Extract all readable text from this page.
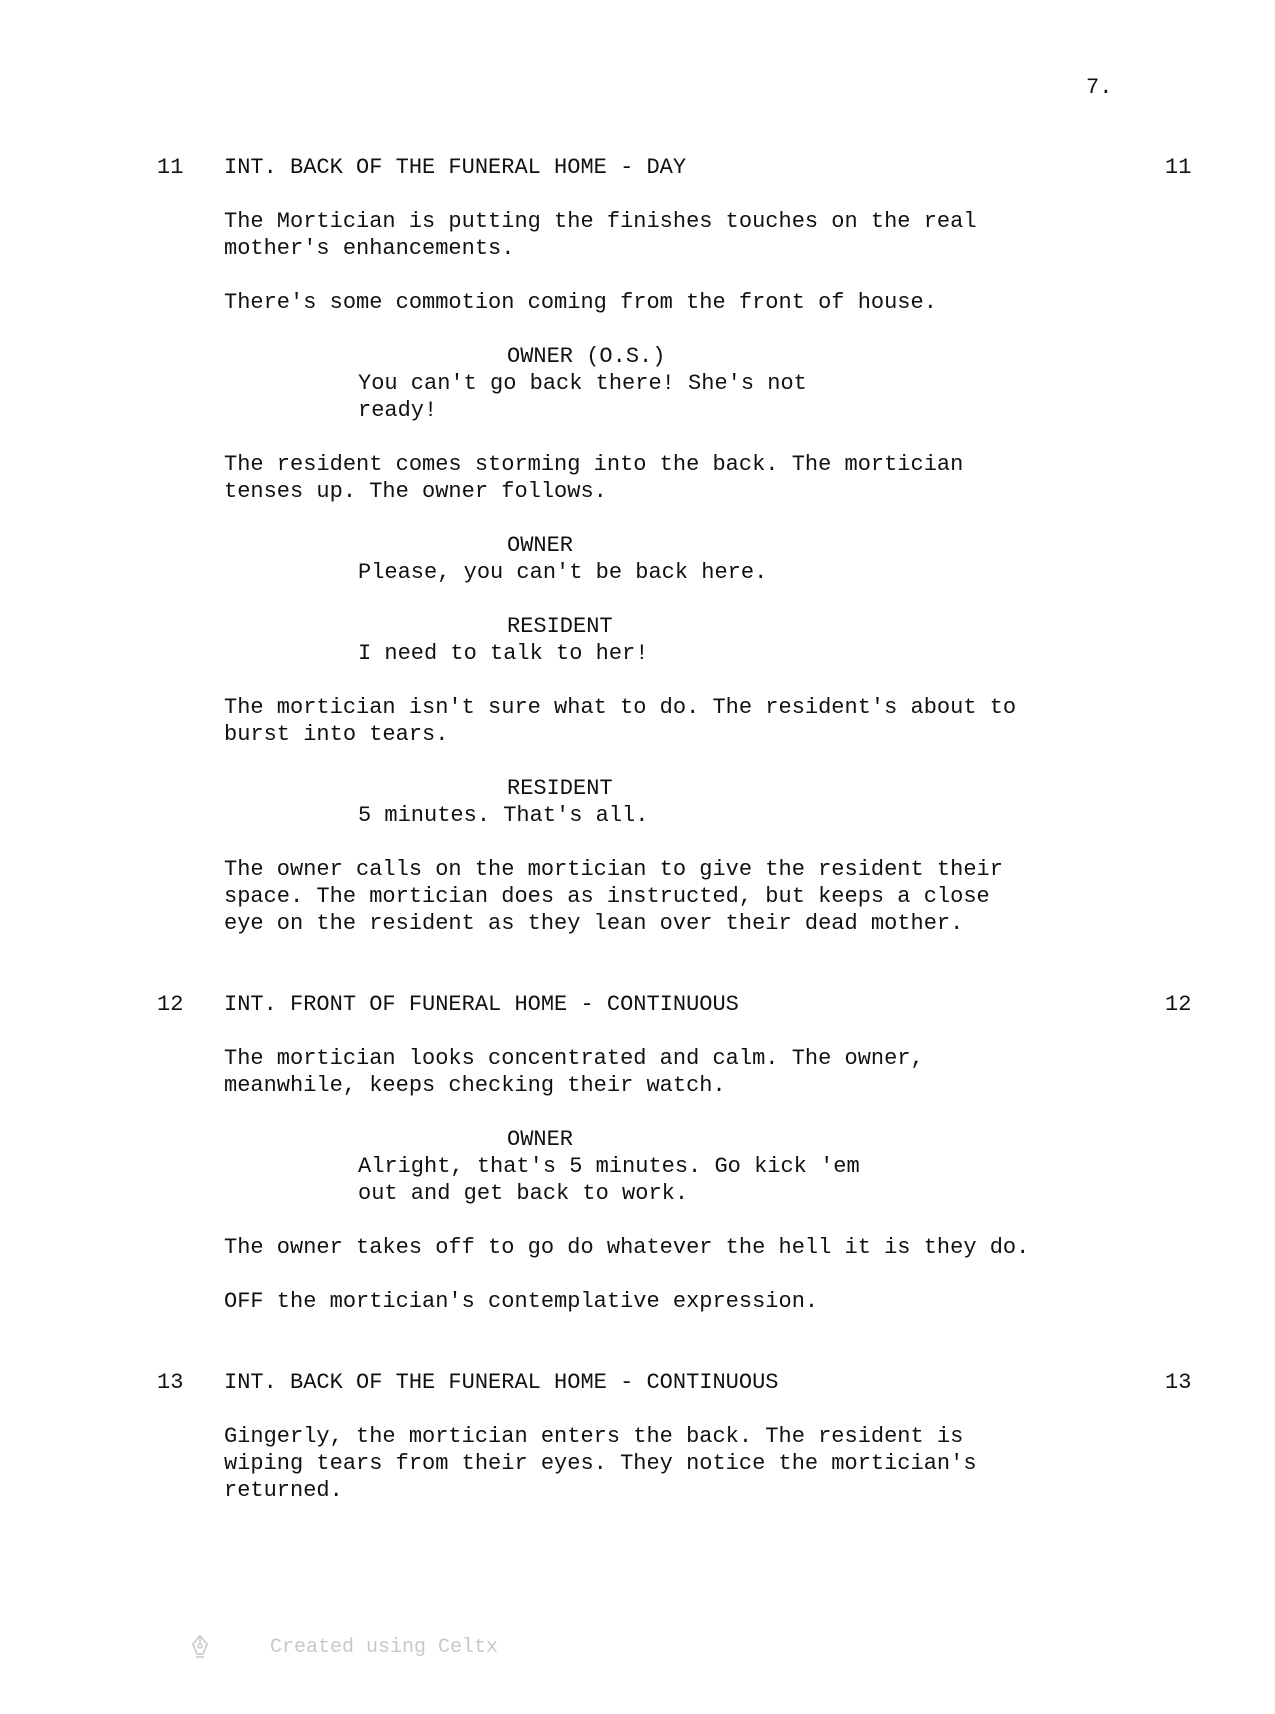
7.
11 INT. BACK OF THE FUNERAL HOME - DAY	11
The Mortician is putting the finishes touches on the real
mother's enhancements.
There's some commotion coming from the front of house.
OWNER (O.S.)
You can't go back there! She's not
ready!
The resident comes storming into the back. The mortician
tenses up. The owner follows.
OWNER
Please, you can't be back here.
RESIDENT
I need to talk to her!
The mortician isn't sure what to do. The resident's about to
burst into tears.
RESIDENT
5 minutes. That's all.
The owner calls on the mortician to give the resident their
space. The mortician does as instructed, but keeps a close
eye on the resident as they lean over their dead mother.
12 INT. FRONT OF FUNERAL HOME - CONTINUOUS	12
The mortician looks concentrated and calm. The owner,
meanwhile, keeps checking their watch.
OWNER
Alright, that's 5 minutes. Go kick 'em
out and get back to work.
The owner takes off to go do whatever the hell it is they do.
OFF the mortician's contemplative expression.
13 INT. BACK OF THE FUNERAL HOME - CONTINUOUS	13
Gingerly, the mortician enters the back. The resident is
wiping tears from their eyes. They notice the mortician's
returned.

Created using Celtx
